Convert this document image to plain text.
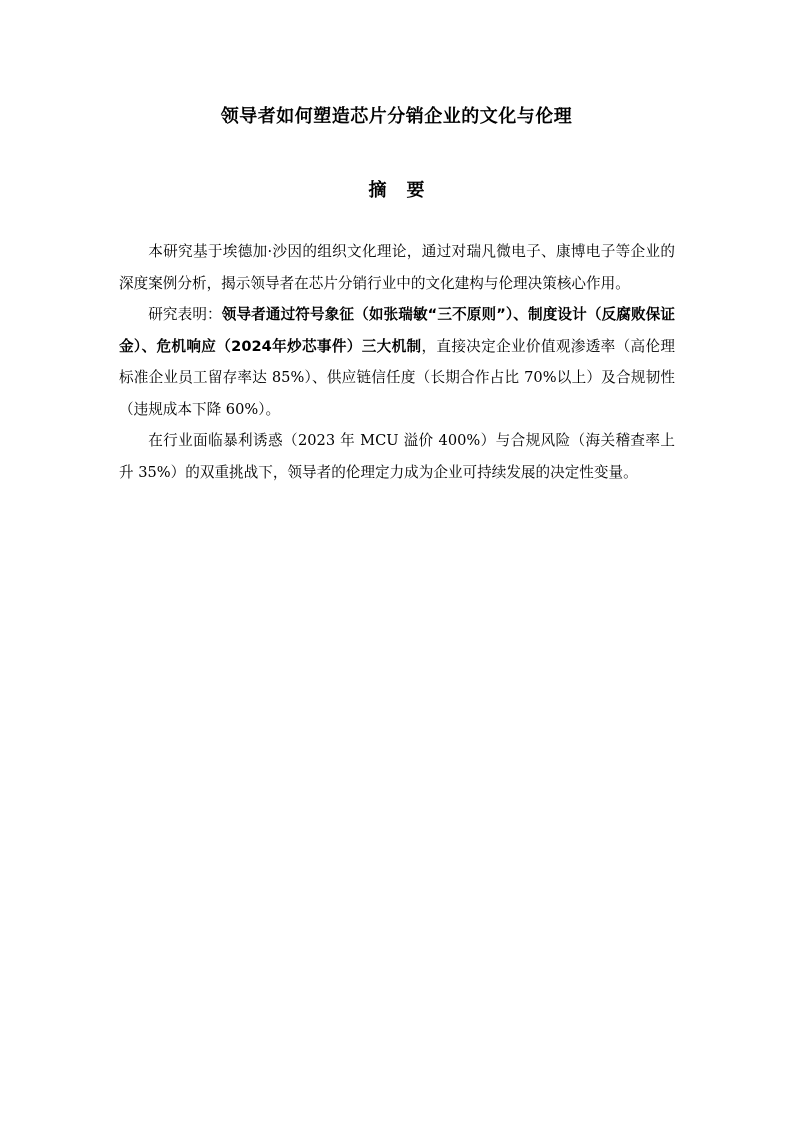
领导者如何塑造芯片分销企业的文化与伦理
摘要

本研究基于埃德加·沙因的组织文化理论，通过对瑞凡微电子、康博电子等企业的深度案例分析，揭示领导者在芯片分销行业中的文化建构与伦理决策核心作用。

研究表明：领导者通过符号象征（如张瑞敏“三不原则”）、制度设计（反腐败保证金）、危机响应（2024年炒芯事件）三大机制，直接决定企业价值观渗透率（高伦理标准企业员工留存率达 85%）、供应链信任度（长期合作占比 70%以上）及合规韧性（违规成本下降 60%）。

在行业面临暴利诱惑（2023 年 MCU 溢价 400%）与合规风险（海关稽查率上升 35%）的双重挑战下，领导者的伦理定力成为企业可持续发展的决定性变量。
